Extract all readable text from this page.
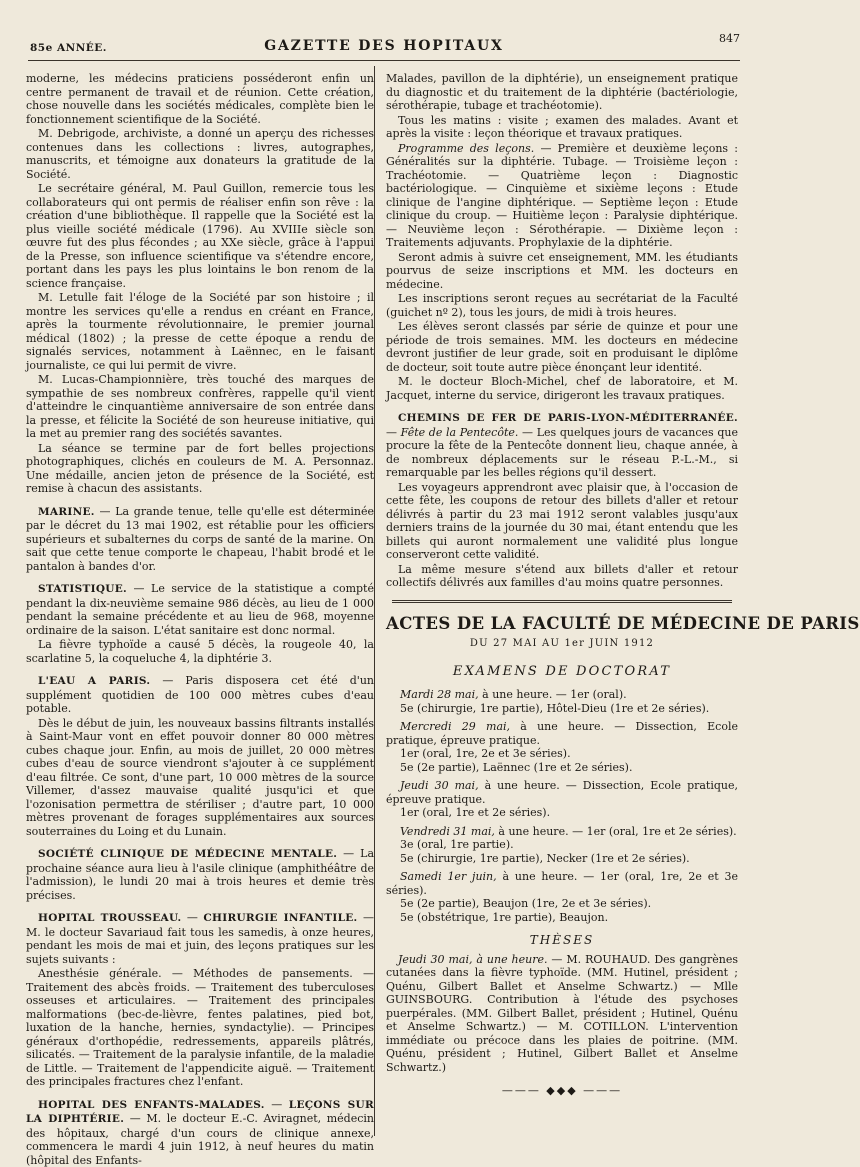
85e ANNÉE.	GAZETTE DES HOPITAUX	847

moderne, les médecins praticiens posséderont enfin un centre permanent de travail et de réunion. Cette création, chose nouvelle dans les sociétés médicales, complète bien le fonctionnement scientifique de la Société.

M. Debrigode, archiviste, a donné un aperçu des richesses contenues dans les collections : livres, autographes, manuscrits, et témoigne aux donateurs la gratitude de la Société.

Le secrétaire général, M. Paul Guillon, remercie tous les collaborateurs qui ont permis de réaliser enfin son rêve : la création d'une bibliothèque. Il rappelle que la Société est la plus vieille société médicale (1796). Au XVIIIe siècle son œuvre fut des plus fécondes ; au XXe siècle, grâce à l'appui de la Presse, son influence scientifique va s'étendre encore, portant dans les pays les plus lointains le bon renom de la science française.

M. Letulle fait l'éloge de la Société par son histoire ; il montre les services qu'elle a rendus en créant en France, après la tourmente révolutionnaire, le premier journal médical (1802) ; la presse de cette époque a rendu de signalés services, notamment à Laënnec, en le faisant journaliste, ce qui lui permit de vivre.

M. Lucas-Championnière, très touché des marques de sympathie de ses nombreux confrères, rappelle qu'il vient d'atteindre le cinquantième anniversaire de son entrée dans la presse, et félicite la Société de son heureuse initiative, qui la met au premier rang des sociétés savantes.

La séance se termine par de fort belles projections photographiques, clichés en couleurs de M. A. Personnaz. Une médaille, ancien jeton de présence de la Société, est remise à chacun des assistants.

MARINE. — La grande tenue, telle qu'elle est déterminée par le décret du 13 mai 1902, est rétablie pour les officiers supérieurs et subalternes du corps de santé de la marine. On sait que cette tenue comporte le chapeau, l'habit brodé et le pantalon à bandes d'or.

STATISTIQUE. — Le service de la statistique a compté pendant la dix-neuvième semaine 986 décès, au lieu de 1 000 pendant la semaine précédente et au lieu de 968, moyenne ordinaire de la saison. L'état sanitaire est donc normal.

La fièvre typhoïde a causé 5 décès, la rougeole 40, la scarlatine 5, la coqueluche 4, la diphtérie 3.

L'EAU A PARIS. — Paris disposera cet été d'un supplément quotidien de 100 000 mètres cubes d'eau potable.

Dès le début de juin, les nouveaux bassins filtrants installés à Saint-Maur vont en effet pouvoir donner 80 000 mètres cubes chaque jour. Enfin, au mois de juillet, 20 000 mètres cubes d'eau de source viendront s'ajouter à ce supplément d'eau filtrée. Ce sont, d'une part, 10 000 mètres de la source Villemer, d'assez mauvaise qualité jusqu'ici et que l'ozonisation permettra de stériliser ; d'autre part, 10 000 mètres provenant de forages supplémentaires aux sources souterraines du Loing et du Lunain.

SOCIÉTÉ CLINIQUE DE MÉDECINE MENTALE. — La prochaine séance aura lieu à l'asile clinique (amphithéâtre de l'admission), le lundi 20 mai à trois heures et demie très précises.

HOPITAL TROUSSEAU. — CHIRURGIE INFANTILE. — M. le docteur Savariaud fait tous les samedis, à onze heures, pendant les mois de mai et juin, des leçons pratiques sur les sujets suivants :

Anesthésie générale. — Méthodes de pansements. — Traitement des abcès froids. — Traitement des tuberculoses osseuses et articulaires. — Traitement des principales malformations (bec-de-lièvre, fentes palatines, pied bot, luxation de la hanche, hernies, syndactylie). — Principes généraux d'orthopédie, redressements, appareils plâtrés, silicatés. — Traitement de la paralysie infantile, de la maladie de Little. — Traitement de l'appendicite aiguë. — Traitement des principales fractures chez l'enfant.

HOPITAL DES ENFANTS-MALADES. — LEÇONS SUR LA DIPHTÉRIE. — M. le docteur E.-C. Aviragnet, médecin des hôpitaux, chargé d'un cours de clinique annexe, commencera le mardi 4 juin 1912, à neuf heures du matin (hôpital des Enfants-

Malades, pavillon de la diphtérie), un enseignement pratique du diagnostic et du traitement de la diphtérie (bactériologie, sérothérapie, tubage et trachéotomie).

Tous les matins : visite ; examen des malades. Avant et après la visite : leçon théorique et travaux pratiques.

Programme des leçons. — Première et deuxième leçons : Généralités sur la diphtérie. Tubage. — Troisième leçon : Trachéotomie. — Quatrième leçon : Diagnostic bactériologique. — Cinquième et sixième leçons : Etude clinique de l'angine diphtérique. — Septième leçon : Etude clinique du croup. — Huitième leçon : Paralysie diphtérique. — Neuvième leçon : Sérothérapie. — Dixième leçon : Traitements adjuvants. Prophylaxie de la diphtérie.

Seront admis à suivre cet enseignement, MM. les étudiants pourvus de seize inscriptions et MM. les docteurs en médecine.

Les inscriptions seront reçues au secrétariat de la Faculté (guichet nº 2), tous les jours, de midi à trois heures.

Les élèves seront classés par série de quinze et pour une période de trois semaines. MM. les docteurs en médecine devront justifier de leur grade, soit en produisant le diplôme de docteur, soit toute autre pièce énonçant leur identité.

M. le docteur Bloch-Michel, chef de laboratoire, et M. Jacquet, interne du service, dirigeront les travaux pratiques.

CHEMINS DE FER DE PARIS-LYON-MÉDITERRANÉE. — Fête de la Pentecôte. — Les quelques jours de vacances que procure la fête de la Pentecôte donnent lieu, chaque année, à de nombreux déplacements sur le réseau P.-L.-M., si remarquable par les belles régions qu'il dessert.

Les voyageurs apprendront avec plaisir que, à l'occasion de cette fête, les coupons de retour des billets d'aller et retour délivrés à partir du 23 mai 1912 seront valables jusqu'aux derniers trains de la journée du 30 mai, étant entendu que les billets qui auront normalement une validité plus longue conserveront cette validité.

La même mesure s'étend aux billets d'aller et retour collectifs délivrés aux familles d'au moins quatre personnes.

ACTES DE LA FACULTÉ DE MÉDECINE DE PARIS
DU 27 MAI AU 1er JUIN 1912
EXAMENS DE DOCTORAT
Mardi 28 mai, à une heure. — 1er (oral).
5e (chirurgie, 1re partie), Hôtel-Dieu (1re et 2e séries).
Mercredi 29 mai, à une heure. — Dissection, Ecole pratique, épreuve pratique.
1er (oral, 1re, 2e et 3e séries).
5e (2e partie), Laënnec (1re et 2e séries).
Jeudi 30 mai, à une heure. — Dissection, Ecole pratique, épreuve pratique.
1er (oral, 1re et 2e séries).
Vendredi 31 mai, à une heure. — 1er (oral, 1re et 2e séries).
3e (oral, 1re partie).
5e (chirurgie, 1re partie), Necker (1re et 2e séries).
Samedi 1er juin, à une heure. — 1er (oral, 1re, 2e et 3e séries).
5e (2e partie), Beaujon (1re, 2e et 3e séries).
5e (obstétrique, 1re partie), Beaujon.
THÈSES

Jeudi 30 mai, à une heure. — M. ROUHAUD. Des gangrènes cutanées dans la fièvre typhoïde. (MM. Hutinel, président ; Quénu, Gilbert Ballet et Anselme Schwartz.) — Mlle GUINSBOURG. Contribution à l'étude des psychoses puerpérales. (MM. Gilbert Ballet, président ; Hutinel, Quénu et Anselme Schwartz.) — M. COTILLON. L'intervention immédiate ou précoce dans les plaies de poitrine. (MM. Quénu, président ; Hutinel, Gilbert Ballet et Anselme Schwartz.)

——— ◆◆◆ ———
